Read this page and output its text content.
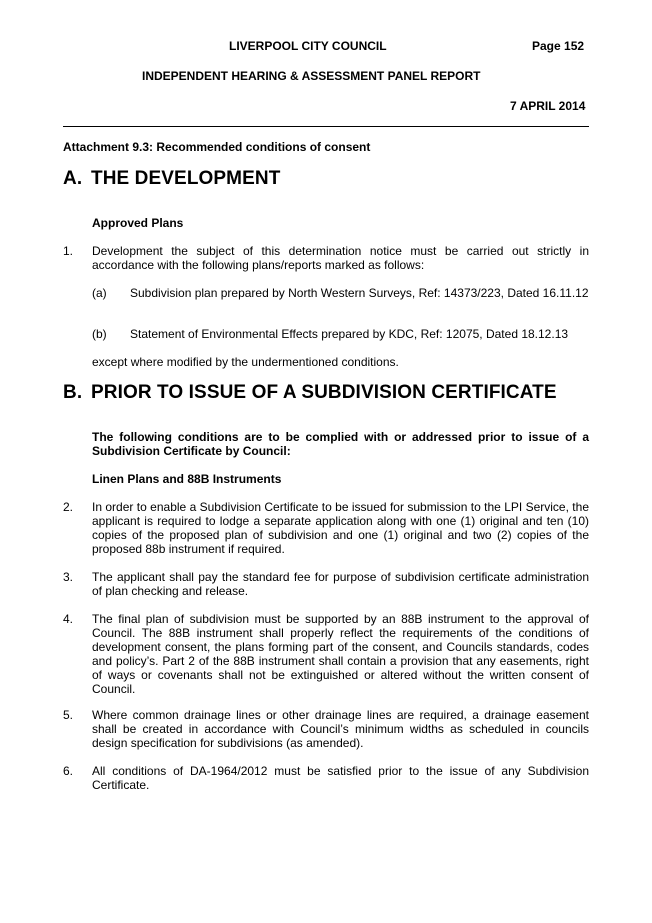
LIVERPOOL CITY COUNCIL	Page 152
INDEPENDENT HEARING & ASSESSMENT PANEL REPORT
7 APRIL 2014
Attachment 9.3: Recommended conditions of consent
A. THE DEVELOPMENT
Approved Plans
1. Development the subject of this determination notice must be carried out strictly in accordance with the following plans/reports marked as follows:
(a) Subdivision plan prepared by North Western Surveys, Ref: 14373/223, Dated 16.11.12
(b) Statement of Environmental Effects prepared by KDC, Ref: 12075, Dated 18.12.13
except where modified by the undermentioned conditions.
B. PRIOR TO ISSUE OF A SUBDIVISION CERTIFICATE
The following conditions are to be complied with or addressed prior to issue of a Subdivision Certificate by Council:
Linen Plans and 88B Instruments
2. In order to enable a Subdivision Certificate to be issued for submission to the LPI Service, the applicant is required to lodge a separate application along with one (1) original and ten (10) copies of the proposed plan of subdivision and one (1) original and two (2) copies of the proposed 88b instrument if required.
3. The applicant shall pay the standard fee for purpose of subdivision certificate administration of plan checking and release.
4. The final plan of subdivision must be supported by an 88B instrument to the approval of Council. The 88B instrument shall properly reflect the requirements of the conditions of development consent, the plans forming part of the consent, and Councils standards, codes and policy’s. Part 2 of the 88B instrument shall contain a provision that any easements, right of ways or covenants shall not be extinguished or altered without the written consent of Council.
5. Where common drainage lines or other drainage lines are required, a drainage easement shall be created in accordance with Council’s minimum widths as scheduled in councils design specification for subdivisions (as amended).
6. All conditions of DA-1964/2012 must be satisfied prior to the issue of any Subdivision Certificate.
